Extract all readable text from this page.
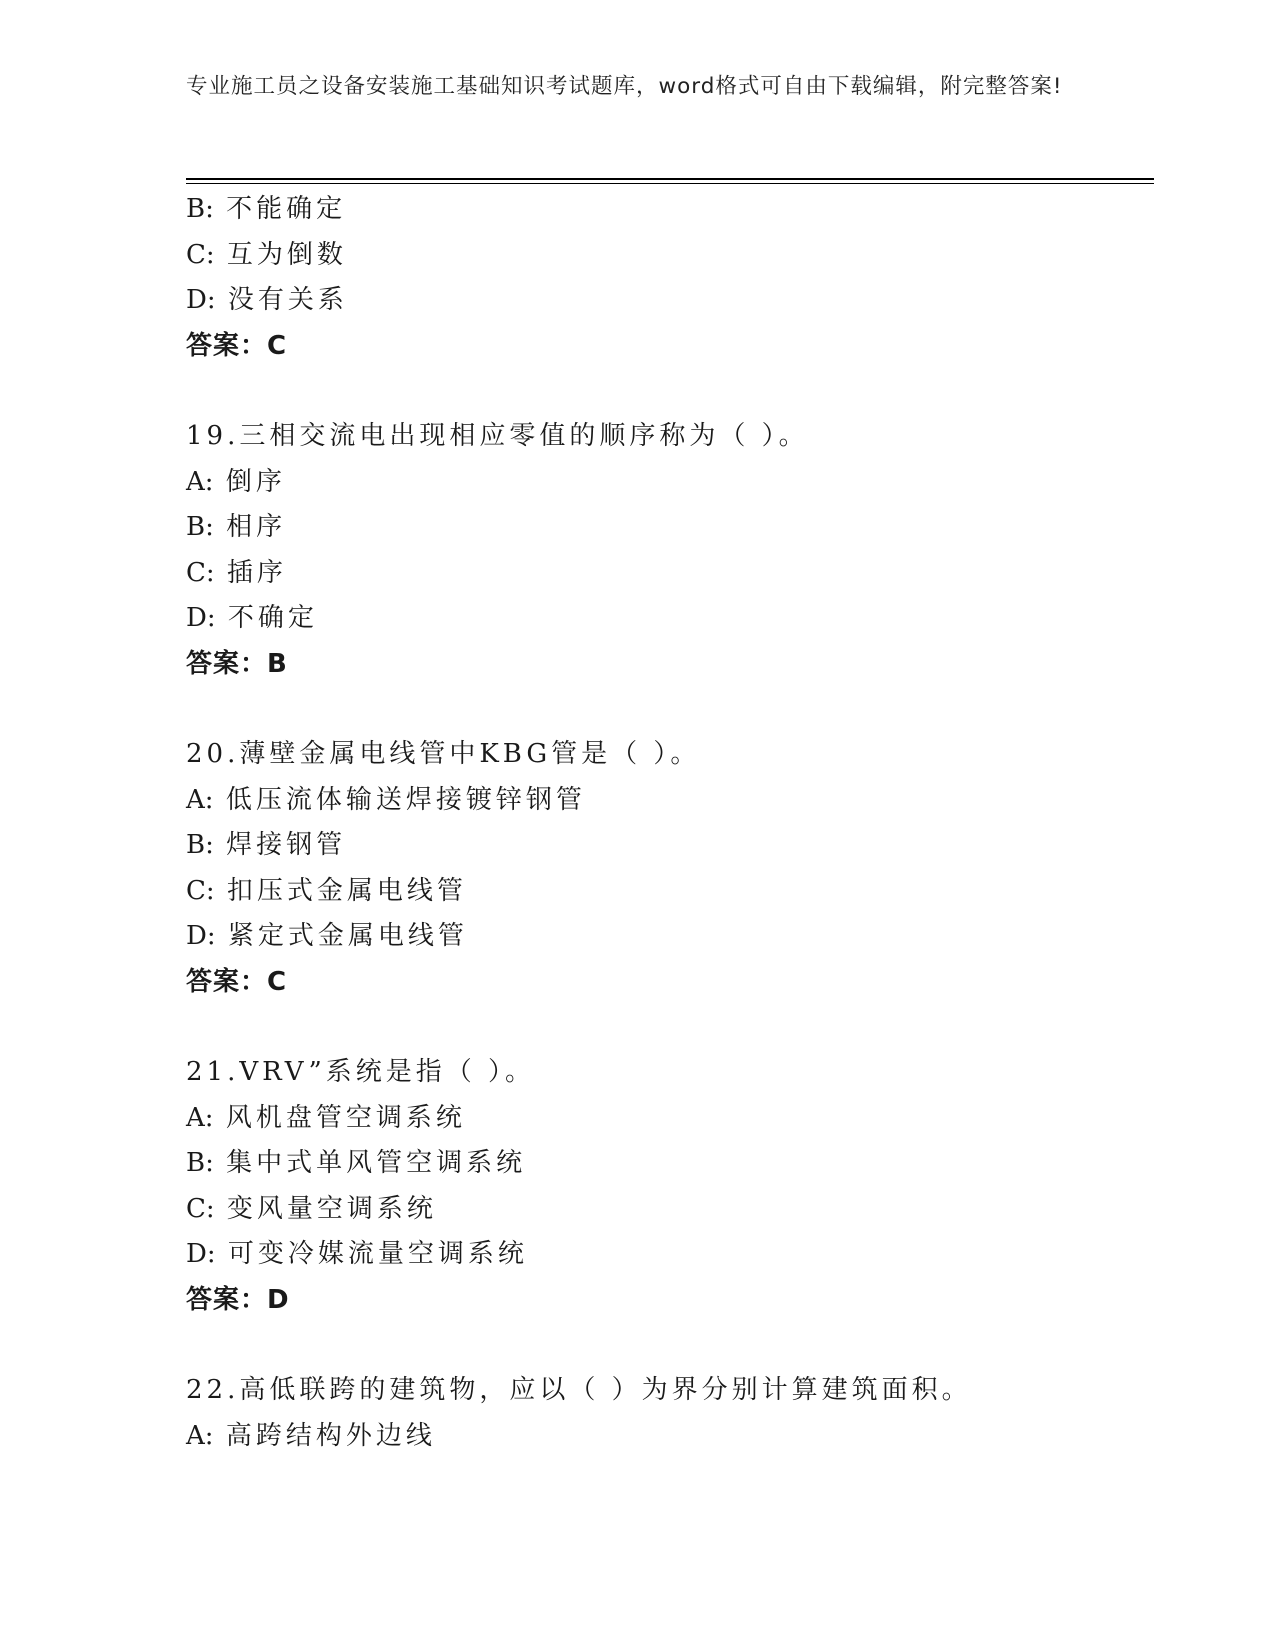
专业施工员之设备安装施工基础知识考试题库，word格式可自由下载编辑，附完整答案!
B: 不能确定
C: 互为倒数
D: 没有关系
答案：C
19.三相交流电出现相应零值的顺序称为（ ）。
A: 倒序
B: 相序
C: 插序
D: 不确定
答案：B
20.薄壁金属电线管中KBG管是（ ）。
A: 低压流体输送焊接镀锌钢管
B: 焊接钢管
C: 扣压式金属电线管
D: 紧定式金属电线管
答案：C
21.VRV”系统是指（ ）。
A: 风机盘管空调系统
B: 集中式单风管空调系统
C: 变风量空调系统
D: 可变冷媒流量空调系统
答案：D
22.高低联跨的建筑物，应以（ ）为界分别计算建筑面积。
A: 高跨结构外边线
